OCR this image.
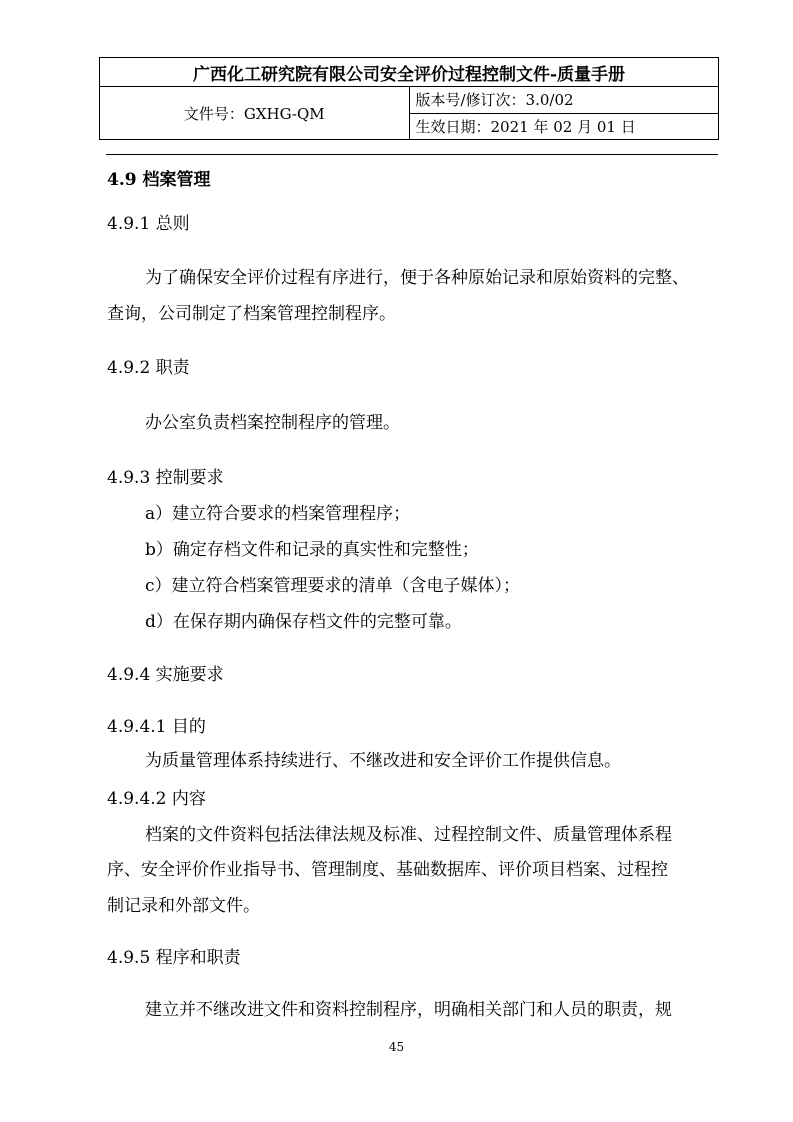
广西化工研究院有限公司安全评价过程控制文件-质量手册
文件号：GXHG-QM	版本号/修订次：3.0/02
生效日期：2021 年 02 月 01 日
4.9 档案管理
4.9.1 总则
为了确保安全评价过程有序进行，便于各种原始记录和原始资料的完整、
查询，公司制定了档案管理控制程序。
4.9.2 职责
办公室负责档案控制程序的管理。
4.9.3 控制要求
a）建立符合要求的档案管理程序；
b）确定存档文件和记录的真实性和完整性；
c）建立符合档案管理要求的清单（含电子媒体）；
d）在保存期内确保存档文件的完整可靠。
4.9.4 实施要求
4.9.4.1 目的
为质量管理体系持续进行、不继改进和安全评价工作提供信息。
4.9.4.2 内容
档案的文件资料包括法律法规及标准、过程控制文件、质量管理体系程
序、安全评价作业指导书、管理制度、基础数据库、评价项目档案、过程控
制记录和外部文件。
4.9.5 程序和职责
建立并不继改进文件和资料控制程序，明确相关部门和人员的职责，规
45
